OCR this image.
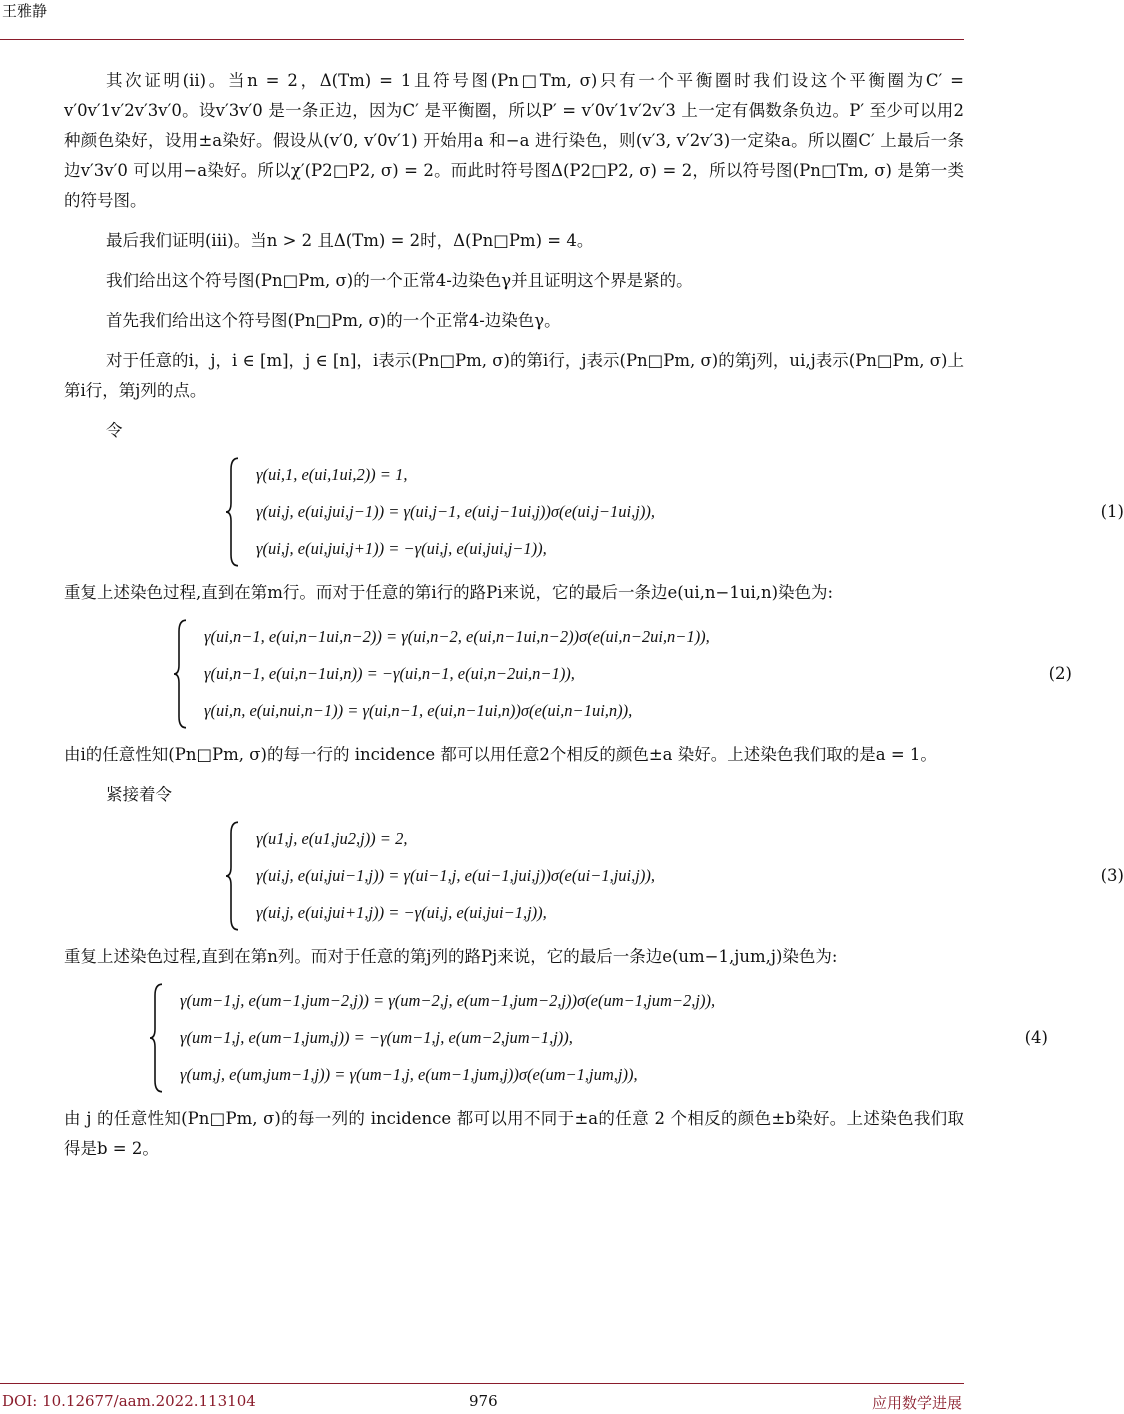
王雅静

其次证明(ii)。当n = 2，Δ(Tm) = 1且符号图(Pn□Tm, σ)只有一个平衡圈时我们设这个平衡圈为C′ = v′0v′1v′2v′3v′0。设v′3v′0 是一条正边，因为C′ 是平衡圈，所以P′ = v′0v′1v′2v′3 上一定有偶数条负边。P′ 至少可以用2种颜色染好，设用±a染好。假设从(v′0, v′0v′1) 开始用a 和−a 进行染色，则(v′3, v′2v′3)一定染a。所以圈C′ 上最后一条边v′3v′0 可以用−a染好。所以χ′(P2□P2, σ) = 2。而此时符号图Δ(P2□P2, σ) = 2，所以符号图(Pn□Tm, σ) 是第一类的符号图。

最后我们证明(iii)。当n > 2 且Δ(Tm) = 2时，Δ(Pn□Pm) = 4。

我们给出这个符号图(Pn□Pm, σ)的一个正常4-边染色γ并且证明这个界是紧的。

首先我们给出这个符号图(Pn□Pm, σ)的一个正常4-边染色γ。

对于任意的i，j，i ∈ [m]，j ∈ [n]，i表示(Pn□Pm, σ)的第i行，j表示(Pn□Pm, σ)的第j列，ui,j表示(Pn□Pm, σ)上第i行，第j列的点。

令

γ(ui,1, e(ui,1ui,2)) = 1,
γ(ui,j, e(ui,jui,j−1)) = γ(ui,j−1, e(ui,j−1ui,j))σ(e(ui,j−1ui,j)),
γ(ui,j, e(ui,jui,j+1)) = −γ(ui,j, e(ui,jui,j−1)),
(1)

重复上述染色过程,直到在第m行。而对于任意的第i行的路Pi来说，它的最后一条边e(ui,n−1ui,n)染色为:

γ(ui,n−1, e(ui,n−1ui,n−2)) = γ(ui,n−2, e(ui,n−1ui,n−2))σ(e(ui,n−2ui,n−1)),
γ(ui,n−1, e(ui,n−1ui,n)) = −γ(ui,n−1, e(ui,n−2ui,n−1)),
γ(ui,n, e(ui,nui,n−1)) = γ(ui,n−1, e(ui,n−1ui,n))σ(e(ui,n−1ui,n)),
(2)

由i的任意性知(Pn□Pm, σ)的每一行的 incidence 都可以用任意2个相反的颜色±a 染好。上述染色我们取的是a = 1。

紧接着令

γ(u1,j, e(u1,ju2,j)) = 2,
γ(ui,j, e(ui,jui−1,j)) = γ(ui−1,j, e(ui−1,jui,j))σ(e(ui−1,jui,j)),
γ(ui,j, e(ui,jui+1,j)) = −γ(ui,j, e(ui,jui−1,j)),
(3)

重复上述染色过程,直到在第n列。而对于任意的第j列的路Pj来说，它的最后一条边e(um−1,jum,j)染色为:

γ(um−1,j, e(um−1,jum−2,j)) = γ(um−2,j, e(um−1,jum−2,j))σ(e(um−1,jum−2,j)),
γ(um−1,j, e(um−1,jum,j)) = −γ(um−1,j, e(um−2,jum−1,j)),
γ(um,j, e(um,jum−1,j)) = γ(um−1,j, e(um−1,jum,j))σ(e(um−1,jum,j)),
(4)

由 j 的任意性知(Pn□Pm, σ)的每一列的 incidence 都可以用不同于±a的任意 2 个相反的颜色±b染好。上述染色我们取得是b = 2。

DOI: 10.12677/aam.2022.113104	976	应用数学进展
